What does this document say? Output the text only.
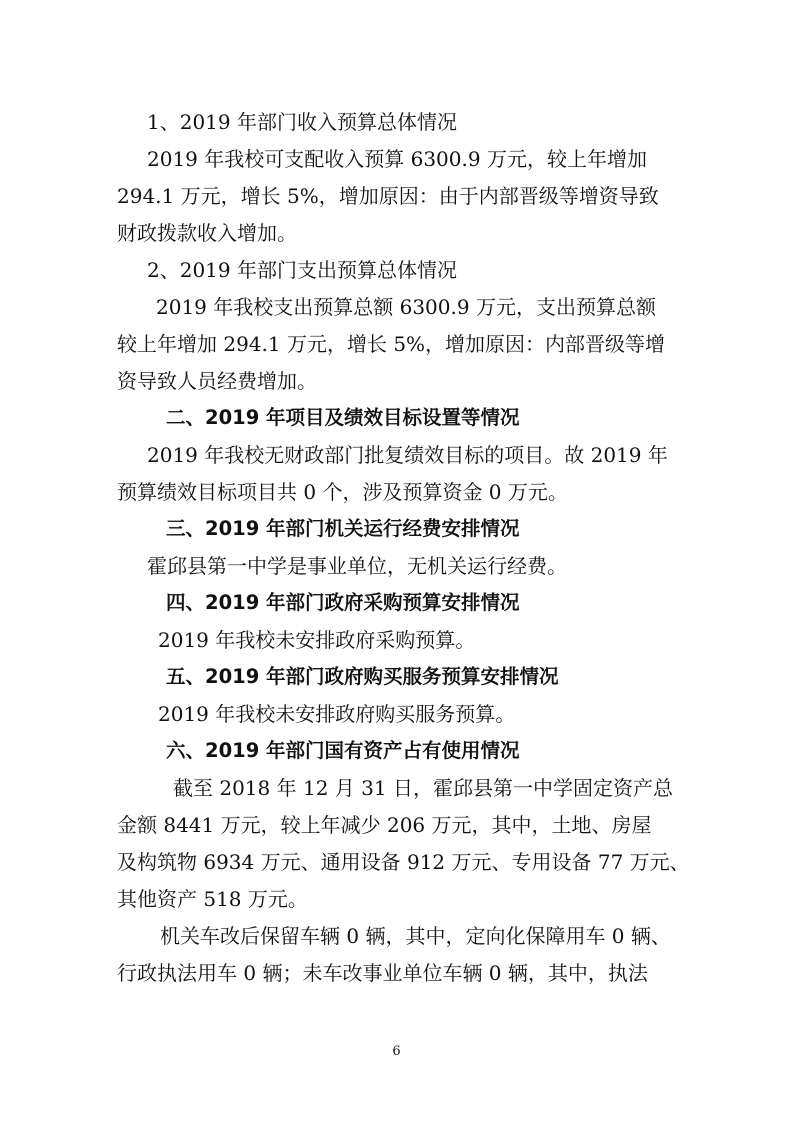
1、2019 年部门收入预算总体情况
2019 年我校可支配收入预算 6300.9 万元，较上年增加
294.1 万元，增长 5%，增加原因：由于内部晋级等增资导致
财政拨款收入增加。
2、2019 年部门支出预算总体情况
2019 年我校支出预算总额 6300.9 万元，支出预算总额
较上年增加 294.1 万元，增长 5%，增加原因：内部晋级等增
资导致人员经费增加。
二、2019 年项目及绩效目标设置等情况
2019 年我校无财政部门批复绩效目标的项目。故 2019 年
预算绩效目标项目共 0 个，涉及预算资金 0 万元。
三、2019 年部门机关运行经费安排情况
霍邱县第一中学是事业单位，无机关运行经费。
四、2019 年部门政府采购预算安排情况
2019 年我校未安排政府采购预算。
五、2019 年部门政府购买服务预算安排情况
2019 年我校未安排政府购买服务预算。
六、2019 年部门国有资产占有使用情况
截至 2018 年 12 月 31 日，霍邱县第一中学固定资产总
金额 8441 万元，较上年减少 206 万元，其中，土地、房屋
及构筑物 6934 万元、通用设备 912 万元、专用设备 77 万元、
其他资产 518 万元。
机关车改后保留车辆 0 辆，其中，定向化保障用车 0 辆、
行政执法用车 0 辆；未车改事业单位车辆 0 辆，其中，执法
6
